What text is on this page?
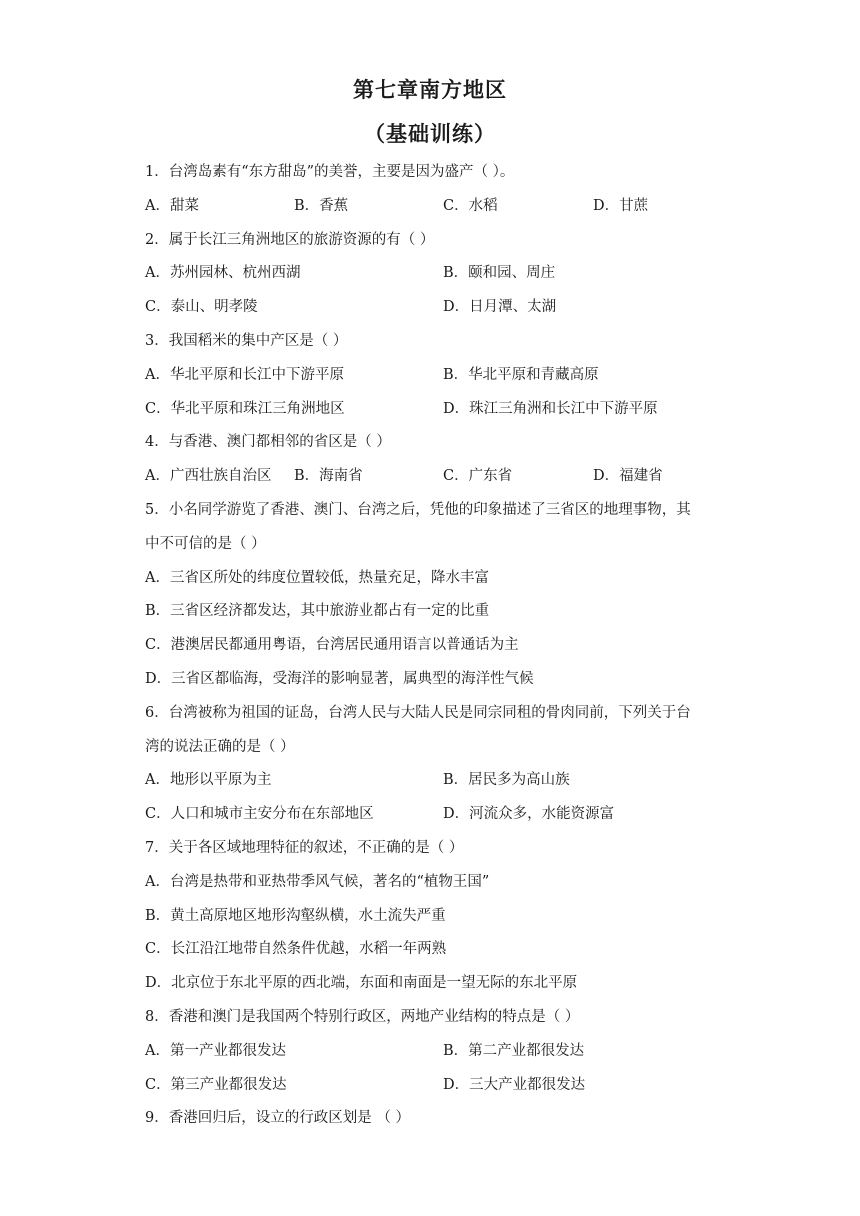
第七章南方地区
（基础训练）
1．台湾岛素有“东方甜岛”的美誉，主要是因为盛产（ ）。
A．甜菜	B．香蕉	C．水稻	D．甘蔗
2．属于长江三角洲地区的旅游资源的有（ ）
A．苏州园林、杭州西湖	B．颐和园、周庄
C．泰山、明孝陵	D．日月潭、太湖
3．我国稻米的集中产区是（ ）
A．华北平原和长江中下游平原	B．华北平原和青藏高原
C．华北平原和珠江三角洲地区	D．珠江三角洲和长江中下游平原
4．与香港、澳门都相邻的省区是（ ）
A．广西壮族自治区 B．海南省	C．广东省	D．福建省
5．小名同学游览了香港、澳门、台湾之后，凭他的印象描述了三省区的地理事物，其
中不可信的是（ ）
A．三省区所处的纬度位置较低，热量充足，降水丰富
B．三省区经济都发达，其中旅游业都占有一定的比重
C．港澳居民都通用粤语，台湾居民通用语言以普通话为主
D．三省区都临海，受海洋的影响显著，属典型的海洋性气候
6．台湾被称为祖国的证岛，台湾人民与大陆人民是同宗同租的骨肉同前，下列关于台
湾的说法正确的是（ ）
A．地形以平原为主	B．居民多为高山族
C．人口和城市主安分布在东部地区	D．河流众多，水能资源富
7．关于各区域地理特征的叙述，不正确的是（ ）
A．台湾是热带和亚热带季风气候，著名的“植物王国”
B．黄土高原地区地形沟壑纵横，水土流失严重
C．长江沿江地带自然条件优越，水稻一年两熟
D．北京位于东北平原的西北端，东面和南面是一望无际的东北平原
8．香港和澳门是我国两个特别行政区，两地产业结构的特点是（ ）
A．第一产业都很发达	B．第二产业都很发达
C．第三产业都很发达	D．三大产业都很发达
9．香港回归后，设立的行政区划是 （ ）
